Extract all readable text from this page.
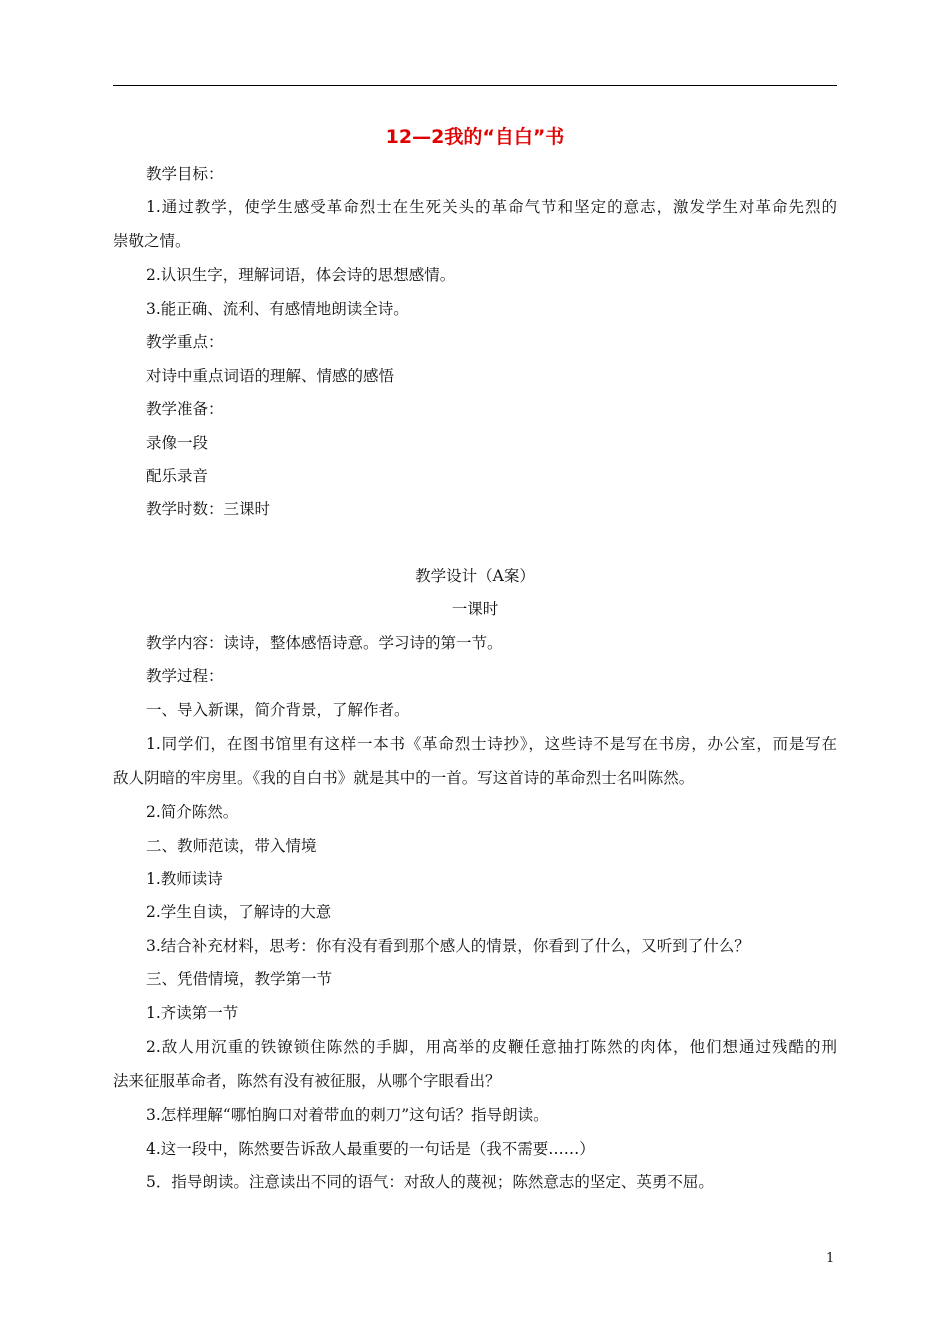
12—2我的“自白”书
教学目标：
1.通过教学，使学生感受革命烈士在生死关头的革命气节和坚定的意志，激发学生对革命先烈的
崇敬之情。
2.认识生字，理解词语，体会诗的思想感情。
3.能正确、流利、有感情地朗读全诗。
教学重点：
对诗中重点词语的理解、情感的感悟
教学准备：
录像一段
配乐录音
教学时数：三课时
教学设计（A案）
一课时
教学内容：读诗，整体感悟诗意。学习诗的第一节。
教学过程：
一、导入新课，简介背景，了解作者。
1.同学们，在图书馆里有这样一本书《革命烈士诗抄》，这些诗不是写在书房，办公室，而是写在
敌人阴暗的牢房里。《我的自白书》就是其中的一首。写这首诗的革命烈士名叫陈然。
2.简介陈然。
二、教师范读，带入情境
1.教师读诗
2.学生自读，了解诗的大意
3.结合补充材料，思考：你有没有看到那个感人的情景，你看到了什么，又听到了什么？
三、凭借情境，教学第一节
1.齐读第一节
2.敌人用沉重的铁镣锁住陈然的手脚，用高举的皮鞭任意抽打陈然的肉体，他们想通过残酷的刑
法来征服革命者，陈然有没有被征服，从哪个字眼看出？
3.怎样理解“哪怕胸口对着带血的刺刀”这句话？指导朗读。
4.这一段中，陈然要告诉敌人最重要的一句话是（我不需要……）
5．指导朗读。注意读出不同的语气：对敌人的蔑视；陈然意志的坚定、英勇不屈。
1
